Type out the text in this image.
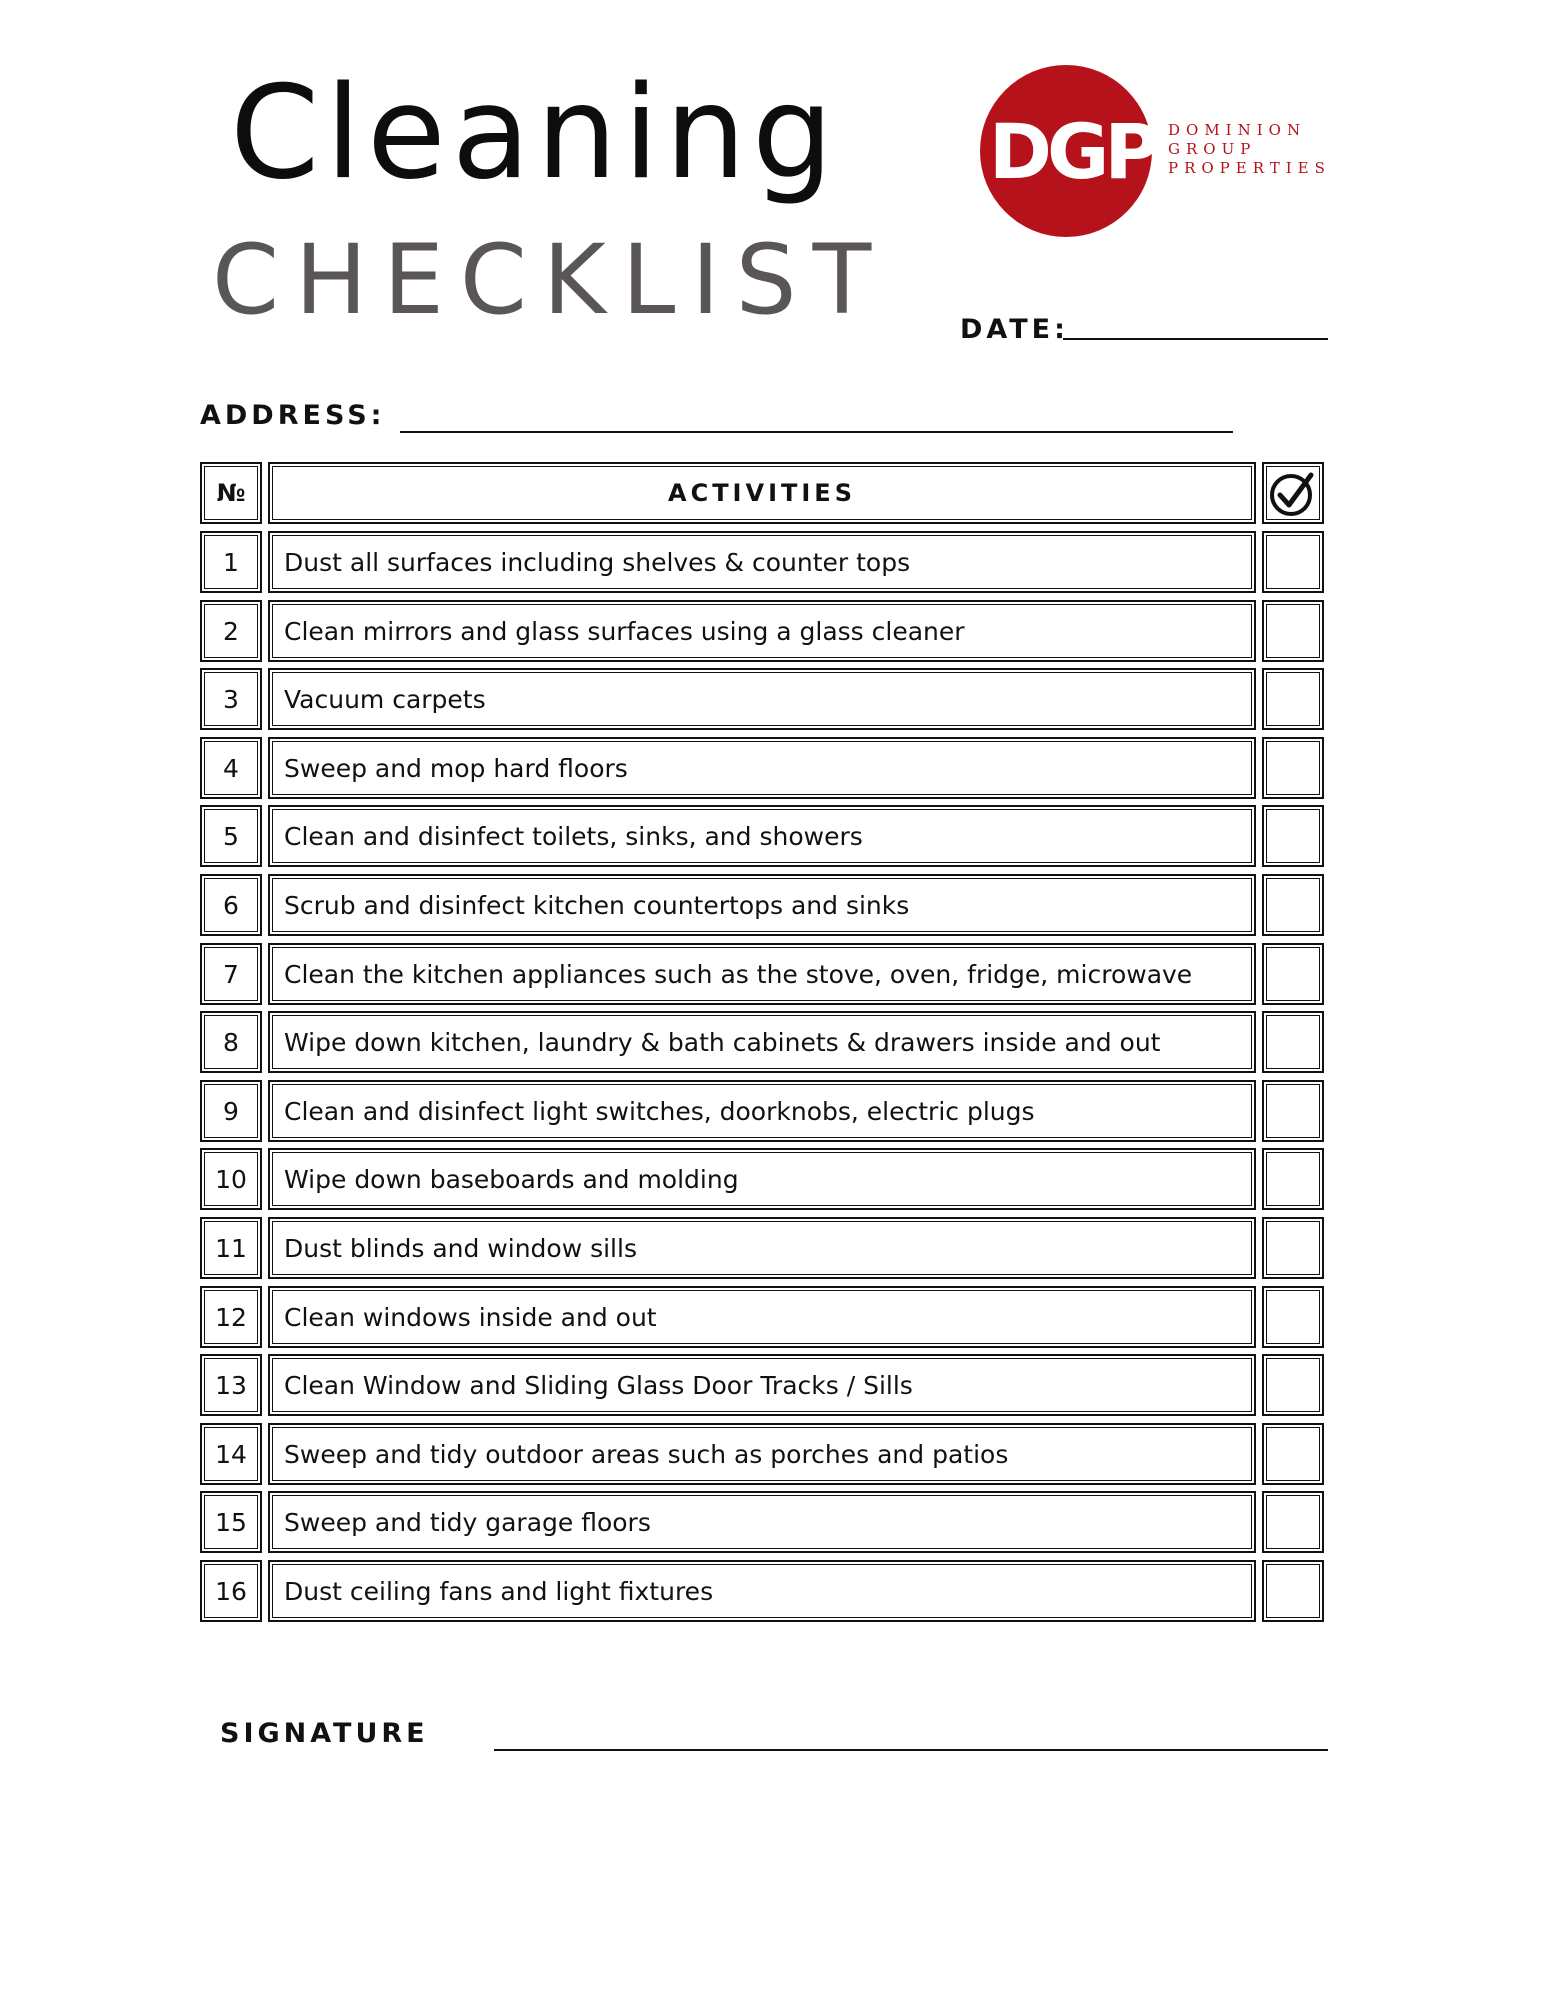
Cleaning
CHECKLIST
DGP DOMINION
GROUP
PROPERTIES
DATE:
ADDRESS:
№	ACTIVITIES
1	Dust all surfaces including shelves & counter tops
2	Clean mirrors and glass surfaces using a glass cleaner
3	Vacuum carpets
4	Sweep and mop hard floors
5	Clean and disinfect toilets, sinks, and showers
6	Scrub and disinfect kitchen countertops and sinks
7	Clean the kitchen appliances such as the stove, oven, fridge, microwave
8	Wipe down kitchen, laundry & bath cabinets & drawers inside and out
9	Clean and disinfect light switches, doorknobs, electric plugs
10	Wipe down baseboards and molding
11	Dust blinds and window sills
12	Clean windows inside and out
13	Clean Window and Sliding Glass Door Tracks / Sills
14	Sweep and tidy outdoor areas such as porches and patios
15	Sweep and tidy garage floors
16	Dust ceiling fans and light fixtures
SIGNATURE
